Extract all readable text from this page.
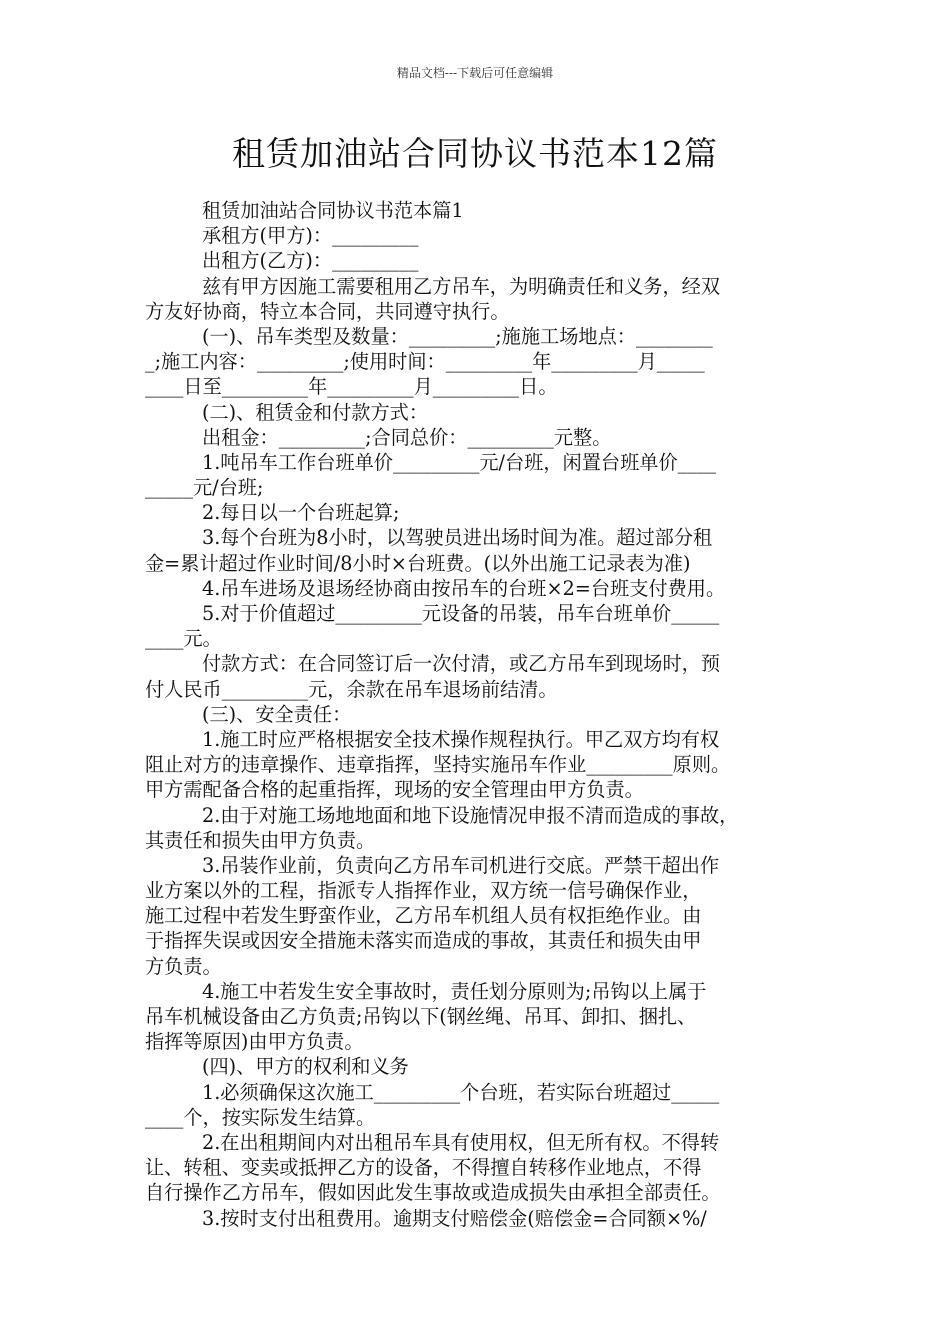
精品文档---下载后可任意编辑
租赁加油站合同协议书范本12篇
租赁加油站合同协议书范本篇1
承租方(甲方)：_________
出租方(乙方)：_________
兹有甲方因施工需要租用乙方吊车，为明确责任和义务，经双
方友好协商，特立本合同，共同遵守执行。
(一)、吊车类型及数量：_________;施施工场地点：________
_;施工内容：_________;使用时间：_________年_________月_____
____日至_________年_________月_________日。
(二)、租赁金和付款方式：
出租金：_________;合同总价：_________元整。
1.吨吊车工作台班单价_________元/台班，闲置台班单价____
_____元/台班;
2.每日以一个台班起算;
3.每个台班为8小时，以驾驶员进出场时间为准。超过部分租
金=累计超过作业时间/8小时×台班费。(以外出施工记录表为准)
4.吊车进场及退场经协商由按吊车的台班×2=台班支付费用。
5.对于价值超过_________元设备的吊装，吊车台班单价_____
____元。
付款方式：在合同签订后一次付清，或乙方吊车到现场时，预
付人民币_________元，余款在吊车退场前结清。
(三)、安全责任：
1.施工时应严格根据安全技术操作规程执行。甲乙双方均有权
阻止对方的违章操作、违章指挥，坚持实施吊车作业_________原则。
甲方需配备合格的起重指挥，现场的安全管理由甲方负责。
2.由于对施工场地地面和地下设施情况申报不清而造成的事故，
其责任和损失由甲方负责。
3.吊装作业前，负责向乙方吊车司机进行交底。严禁干超出作
业方案以外的工程，指派专人指挥作业，双方统一信号确保作业，
施工过程中若发生野蛮作业，乙方吊车机组人员有权拒绝作业。由
于指挥失误或因安全措施未落实而造成的事故，其责任和损失由甲
方负责。
4.施工中若发生安全事故时，责任划分原则为;吊钩以上属于
吊车机械设备由乙方负责;吊钩以下(钢丝绳、吊耳、卸扣、捆扎、
指挥等原因)由甲方负责。
(四)、甲方的权利和义务
1.必须确保这次施工_________个台班，若实际台班超过_____
____个，按实际发生结算。
2.在出租期间内对出租吊车具有使用权，但无所有权。不得转
让、转租、变卖或抵押乙方的设备，不得擅自转移作业地点，不得
自行操作乙方吊车，假如因此发生事故或造成损失由承担全部责任。
3.按时支付出租费用。逾期支付赔偿金(赔偿金=合同额×%/
